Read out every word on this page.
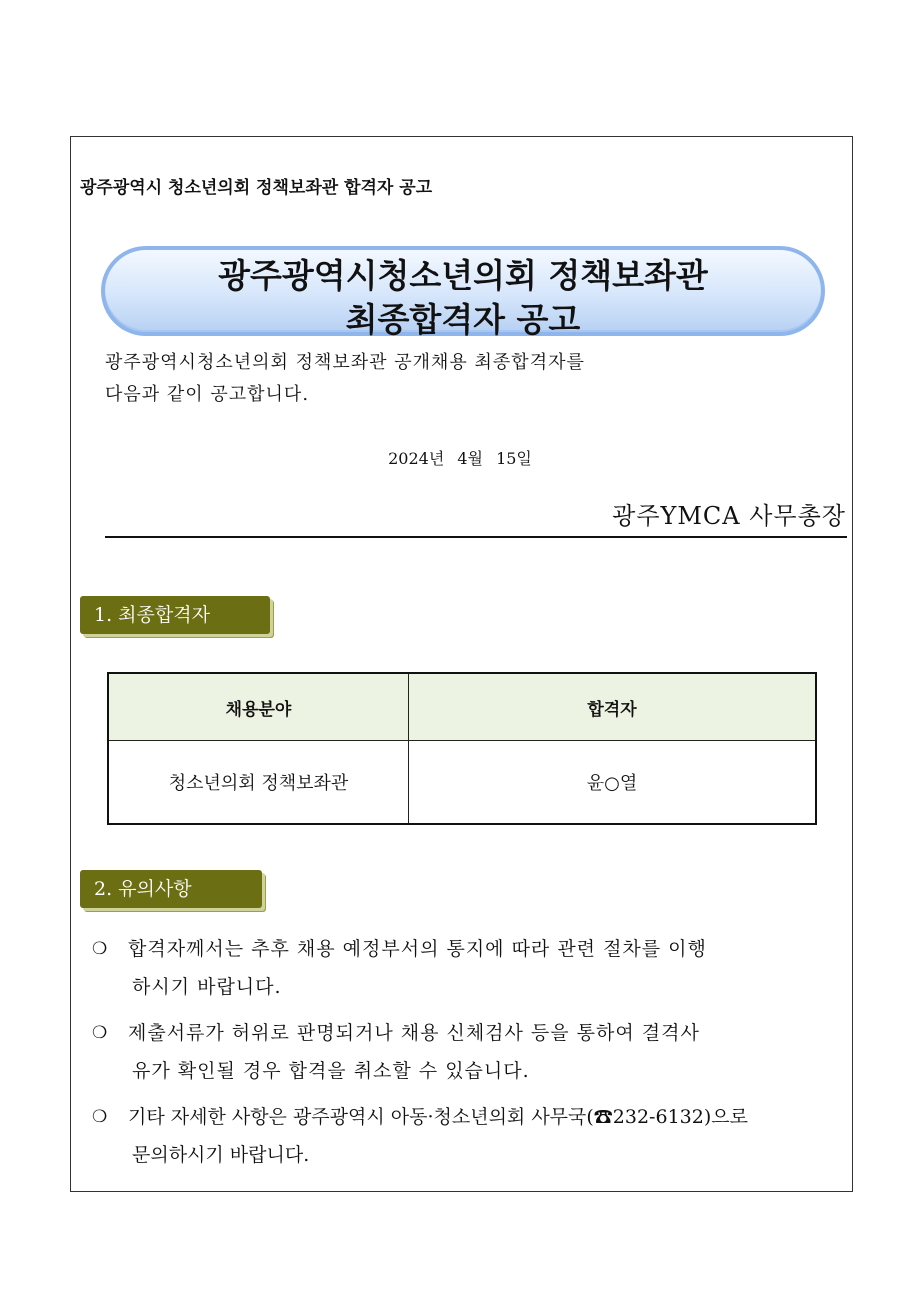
광주광역시 청소년의회 정책보좌관 합격자 공고
광주광역시청소년의회 정책보좌관
최종합격자 공고
광주광역시청소년의회 정책보좌관 공개채용 최종합격자를
다음과 같이 공고합니다.
2024년 4월 15일
광주YMCA 사무총장
1. 최종합격자
채용분야	합격자
청소년의회 정책보좌관	윤○열
2. 유의사항
❍ 합격자께서는 추후 채용 예정부서의 통지에 따라 관련 절차를 이행
하시기 바랍니다.
❍ 제출서류가 허위로 판명되거나 채용 신체검사 등을 통하여 결격사
유가 확인될 경우 합격을 취소할 수 있습니다.
❍ 기타 자세한 사항은 광주광역시 아동·청소년의회 사무국(☎232-6132)으로
문의하시기 바랍니다.
